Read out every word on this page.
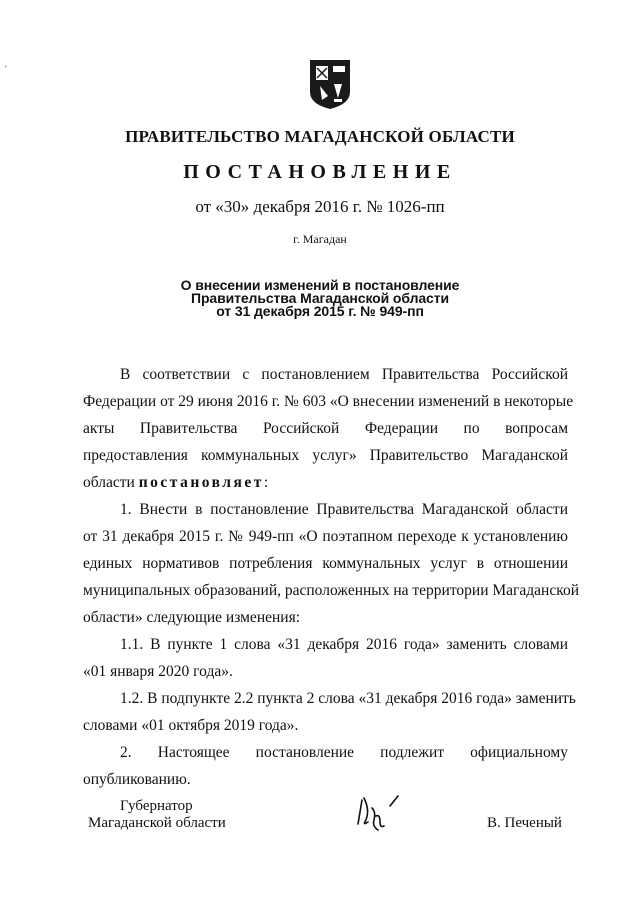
'
ПРАВИТЕЛЬСТВО МАГАДАНСКОЙ ОБЛАСТИ
ПОСТАНОВЛЕНИЕ
от «30» декабря 2016 г. № 1026-пп
г. Магадан
О внесении изменений в постановление
Правительства Магаданской области
от 31 декабря 2015 г. № 949-пп
В соответствии с постановлением Правительства Российской
Федерации от 29 июня 2016 г. № 603 «О внесении изменений в некоторые
акты Правительства Российской Федерации по вопросам
предоставления коммунальных услуг» Правительство Магаданской
области постановляет:
1. Внести в постановление Правительства Магаданской области
от 31 декабря 2015 г. № 949-пп «О поэтапном переходе к установлению
единых нормативов потребления коммунальных услуг в отношении
муниципальных образований, расположенных на территории Магаданской
области» следующие изменения:
1.1. В пункте 1 слова «31 декабря 2016 года» заменить словами
«01 января 2020 года».
1.2. В подпункте 2.2 пункта 2 слова «31 декабря 2016 года» заменить
словами «01 октября 2019 года».
2. Настоящее постановление подлежит официальному
опубликованию.
Губернатор
Магаданской области	В. Печеный
